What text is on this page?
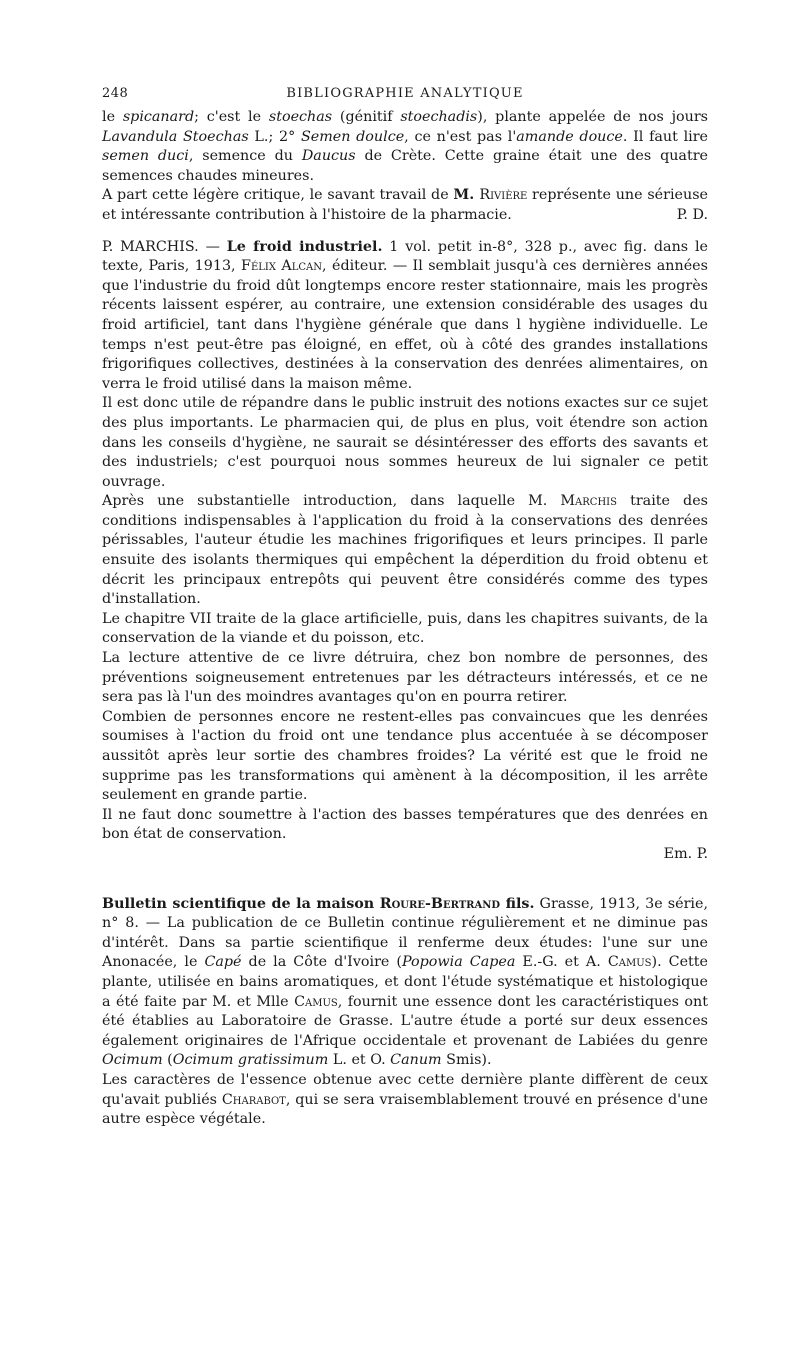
248	BIBLIOGRAPHIE ANALYTIQUE

le spicanard; c'est le stoechas (génitif stoechadis), plante appelée de nos jours Lavandula Stoechas L.; 2° Semen doulce, ce n'est pas l'amande douce. Il faut lire semen duci, semence du Daucus de Crète. Cette graine était une des quatre semences chaudes mineures.

A part cette légère critique, le savant travail de M. Rivière représente une sérieuse et intéressante contribution à l'histoire de la pharmacie.	P. D.

P. MARCHIS. — Le froid industriel. 1 vol. petit in-8°, 328 p., avec fig. dans le texte, Paris, 1913, Félix Alcan, éditeur. — Il semblait jusqu'à ces dernières années que l'industrie du froid dût longtemps encore rester stationnaire, mais les progrès récents laissent espérer, au contraire, une extension considérable des usages du froid artificiel, tant dans l'hygiène générale que dans l hygiène individuelle. Le temps n'est peut-être pas éloigné, en effet, où à côté des grandes installations frigorifiques collectives, destinées à la conservation des denrées alimentaires, on verra le froid utilisé dans la maison même.

Il est donc utile de répandre dans le public instruit des notions exactes sur ce sujet des plus importants. Le pharmacien qui, de plus en plus, voit étendre son action dans les conseils d'hygiène, ne saurait se désintéresser des efforts des savants et des industriels; c'est pourquoi nous sommes heureux de lui signaler ce petit ouvrage.

Après une substantielle introduction, dans laquelle M. Marchis traite des conditions indispensables à l'application du froid à la conservations des denrées périssables, l'auteur étudie les machines frigorifiques et leurs principes. Il parle ensuite des isolants thermiques qui empêchent la déperdition du froid obtenu et décrit les principaux entrepôts qui peuvent être considérés comme des types d'installation.

Le chapitre VII traite de la glace artificielle, puis, dans les chapitres suivants, de la conservation de la viande et du poisson, etc.

La lecture attentive de ce livre détruira, chez bon nombre de personnes, des préventions soigneusement entretenues par les détracteurs intéressés, et ce ne sera pas là l'un des moindres avantages qu'on en pourra retirer.

Combien de personnes encore ne restent-elles pas convaincues que les denrées soumises à l'action du froid ont une tendance plus accentuée à se décomposer aussitôt après leur sortie des chambres froides? La vérité est que le froid ne supprime pas les transformations qui amènent à la décomposition, il les arrête seulement en grande partie.

Il ne faut donc soumettre à l'action des basses températures que des denrées en bon état de conservation.

Em. P.

Bulletin scientifique de la maison Roure-Bertrand fils. Grasse, 1913, 3e série, n° 8. — La publication de ce Bulletin continue régulièrement et ne diminue pas d'intérêt. Dans sa partie scientifique il renferme deux études: l'une sur une Anonacée, le Capé de la Côte d'Ivoire (Popowia Capea E.-G. et A. Camus). Cette plante, utilisée en bains aromatiques, et dont l'étude systématique et histologique a été faite par M. et Mlle Camus, fournit une essence dont les caractéristiques ont été établies au Laboratoire de Grasse. L'autre étude a porté sur deux essences également originaires de l'Afrique occidentale et provenant de Labiées du genre Ocimum (Ocimum gratissimum L. et O. Canum Smis).

Les caractères de l'essence obtenue avec cette dernière plante diffèrent de ceux qu'avait publiés Charabot, qui se sera vraisemblablement trouvé en présence d'une autre espèce végétale.
